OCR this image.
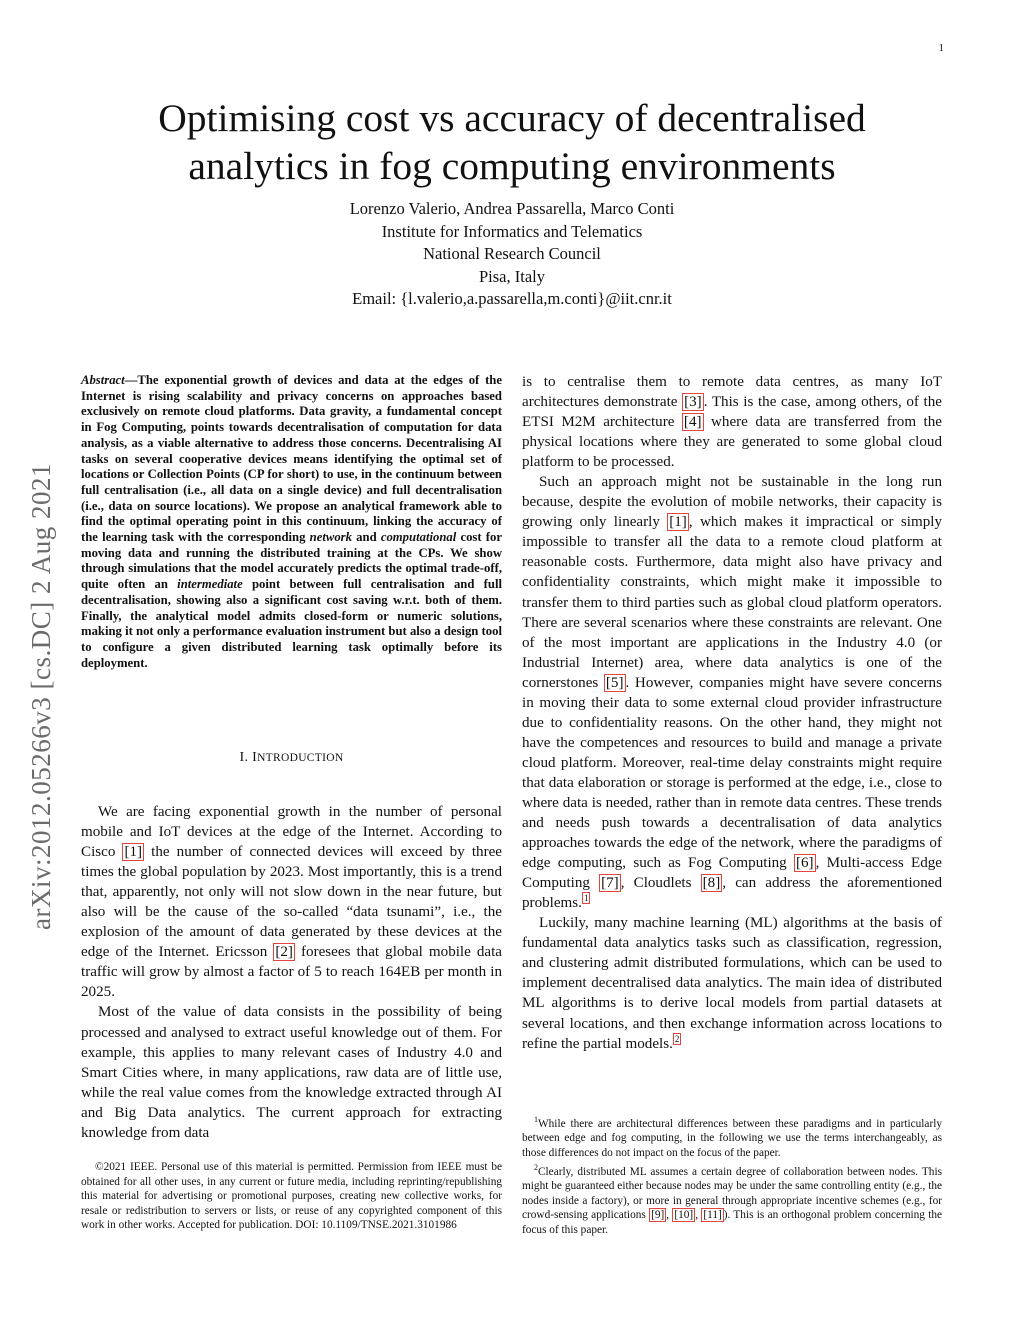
1
arXiv:2012.05266v3 [cs.DC] 2 Aug 2021
Optimising cost vs accuracy of decentralised analytics in fog computing environments
Lorenzo Valerio, Andrea Passarella, Marco Conti
Institute for Informatics and Telematics
National Research Council
Pisa, Italy
Email: {l.valerio,a.passarella,m.conti}@iit.cnr.it
Abstract—The exponential growth of devices and data at the edges of the Internet is rising scalability and privacy concerns on approaches based exclusively on remote cloud platforms. Data gravity, a fundamental concept in Fog Computing, points towards decentralisation of computation for data analysis, as a viable alternative to address those concerns. Decentralising AI tasks on several cooperative devices means identifying the optimal set of locations or Collection Points (CP for short) to use, in the continuum between full centralisation (i.e., all data on a single device) and full decentralisation (i.e., data on source locations). We propose an analytical framework able to find the optimal operating point in this continuum, linking the accuracy of the learning task with the corresponding network and computational cost for moving data and running the distributed training at the CPs. We show through simulations that the model accurately predicts the optimal trade-off, quite often an intermediate point between full centralisation and full decentralisation, showing also a significant cost saving w.r.t. both of them. Finally, the analytical model admits closed-form or numeric solutions, making it not only a performance evaluation instrument but also a design tool to configure a given distributed learning task optimally before its deployment.
I. INTRODUCTION

We are facing exponential growth in the number of personal mobile and IoT devices at the edge of the Internet. According to Cisco [1] the number of connected devices will exceed by three times the global population by 2023. Most importantly, this is a trend that, apparently, not only will not slow down in the near future, but also will be the cause of the so-called “data tsunami”, i.e., the explosion of the amount of data generated by these devices at the edge of the Internet. Ericsson [2] foresees that global mobile data traffic will grow by almost a factor of 5 to reach 164EB per month in 2025.

Most of the value of data consists in the possibility of being processed and analysed to extract useful knowledge out of them. For example, this applies to many relevant cases of Industry 4.0 and Smart Cities where, in many applications, raw data are of little use, while the real value comes from the knowledge extracted through AI and Big Data analytics. The current approach for extracting knowledge from data

©2021 IEEE. Personal use of this material is permitted. Permission from IEEE must be obtained for all other uses, in any current or future media, including reprinting/republishing this material for advertising or promotional purposes, creating new collective works, for resale or redistribution to servers or lists, or reuse of any copyrighted component of this work in other works. Accepted for publication. DOI: 10.1109/TNSE.2021.3101986

is to centralise them to remote data centres, as many IoT architectures demonstrate [3] . This is the case, among others, of the ETSI M2M architecture [4] where data are transferred from the physical locations where they are generated to some global cloud platform to be processed.

Such an approach might not be sustainable in the long run because, despite the evolution of mobile networks, their capacity is growing only linearly [1] , which makes it impractical or simply impossible to transfer all the data to a remote cloud platform at reasonable costs. Furthermore, data might also have privacy and confidentiality constraints, which might make it impossible to transfer them to third parties such as global cloud platform operators. There are several scenarios where these constraints are relevant. One of the most important are applications in the Industry 4.0 (or Industrial Internet) area, where data analytics is one of the cornerstones [5] . However, companies might have severe concerns in moving their data to some external cloud provider infrastructure due to confidentiality reasons. On the other hand, they might not have the competences and resources to build and manage a private cloud platform. Moreover, real-time delay constraints might require that data elaboration or storage is performed at the edge, i.e., close to where data is needed, rather than in remote data centres. These trends and needs push towards a decentralisation of data analytics approaches towards the edge of the network, where the paradigms of edge computing, such as Fog Computing [6] , Multi-access Edge Computing [7] , Cloudlets [8] , can address the aforementioned problems. $^1$

Luckily, many machine learning (ML) algorithms at the basis of fundamental data analytics tasks such as classification, regression, and clustering admit distributed formulations, which can be used to implement decentralised data analytics. The main idea of distributed ML algorithms is to derive local models from partial datasets at several locations, and then exchange information across locations to refine the partial models. $^2$

$^1$While there are architectural differences between these paradigms and in particularly between edge and fog computing, in the following we use the terms interchangeably, as those differences do not impact on the focus of the paper.

$^2$Clearly, distributed ML assumes a certain degree of collaboration between nodes. This might be guaranteed either because nodes may be under the same controlling entity (e.g., the nodes inside a factory), or more in general through appropriate incentive schemes (e.g., for crowd-sensing applications [9] , [10] , [11] ). This is an orthogonal problem concerning the focus of this paper.
